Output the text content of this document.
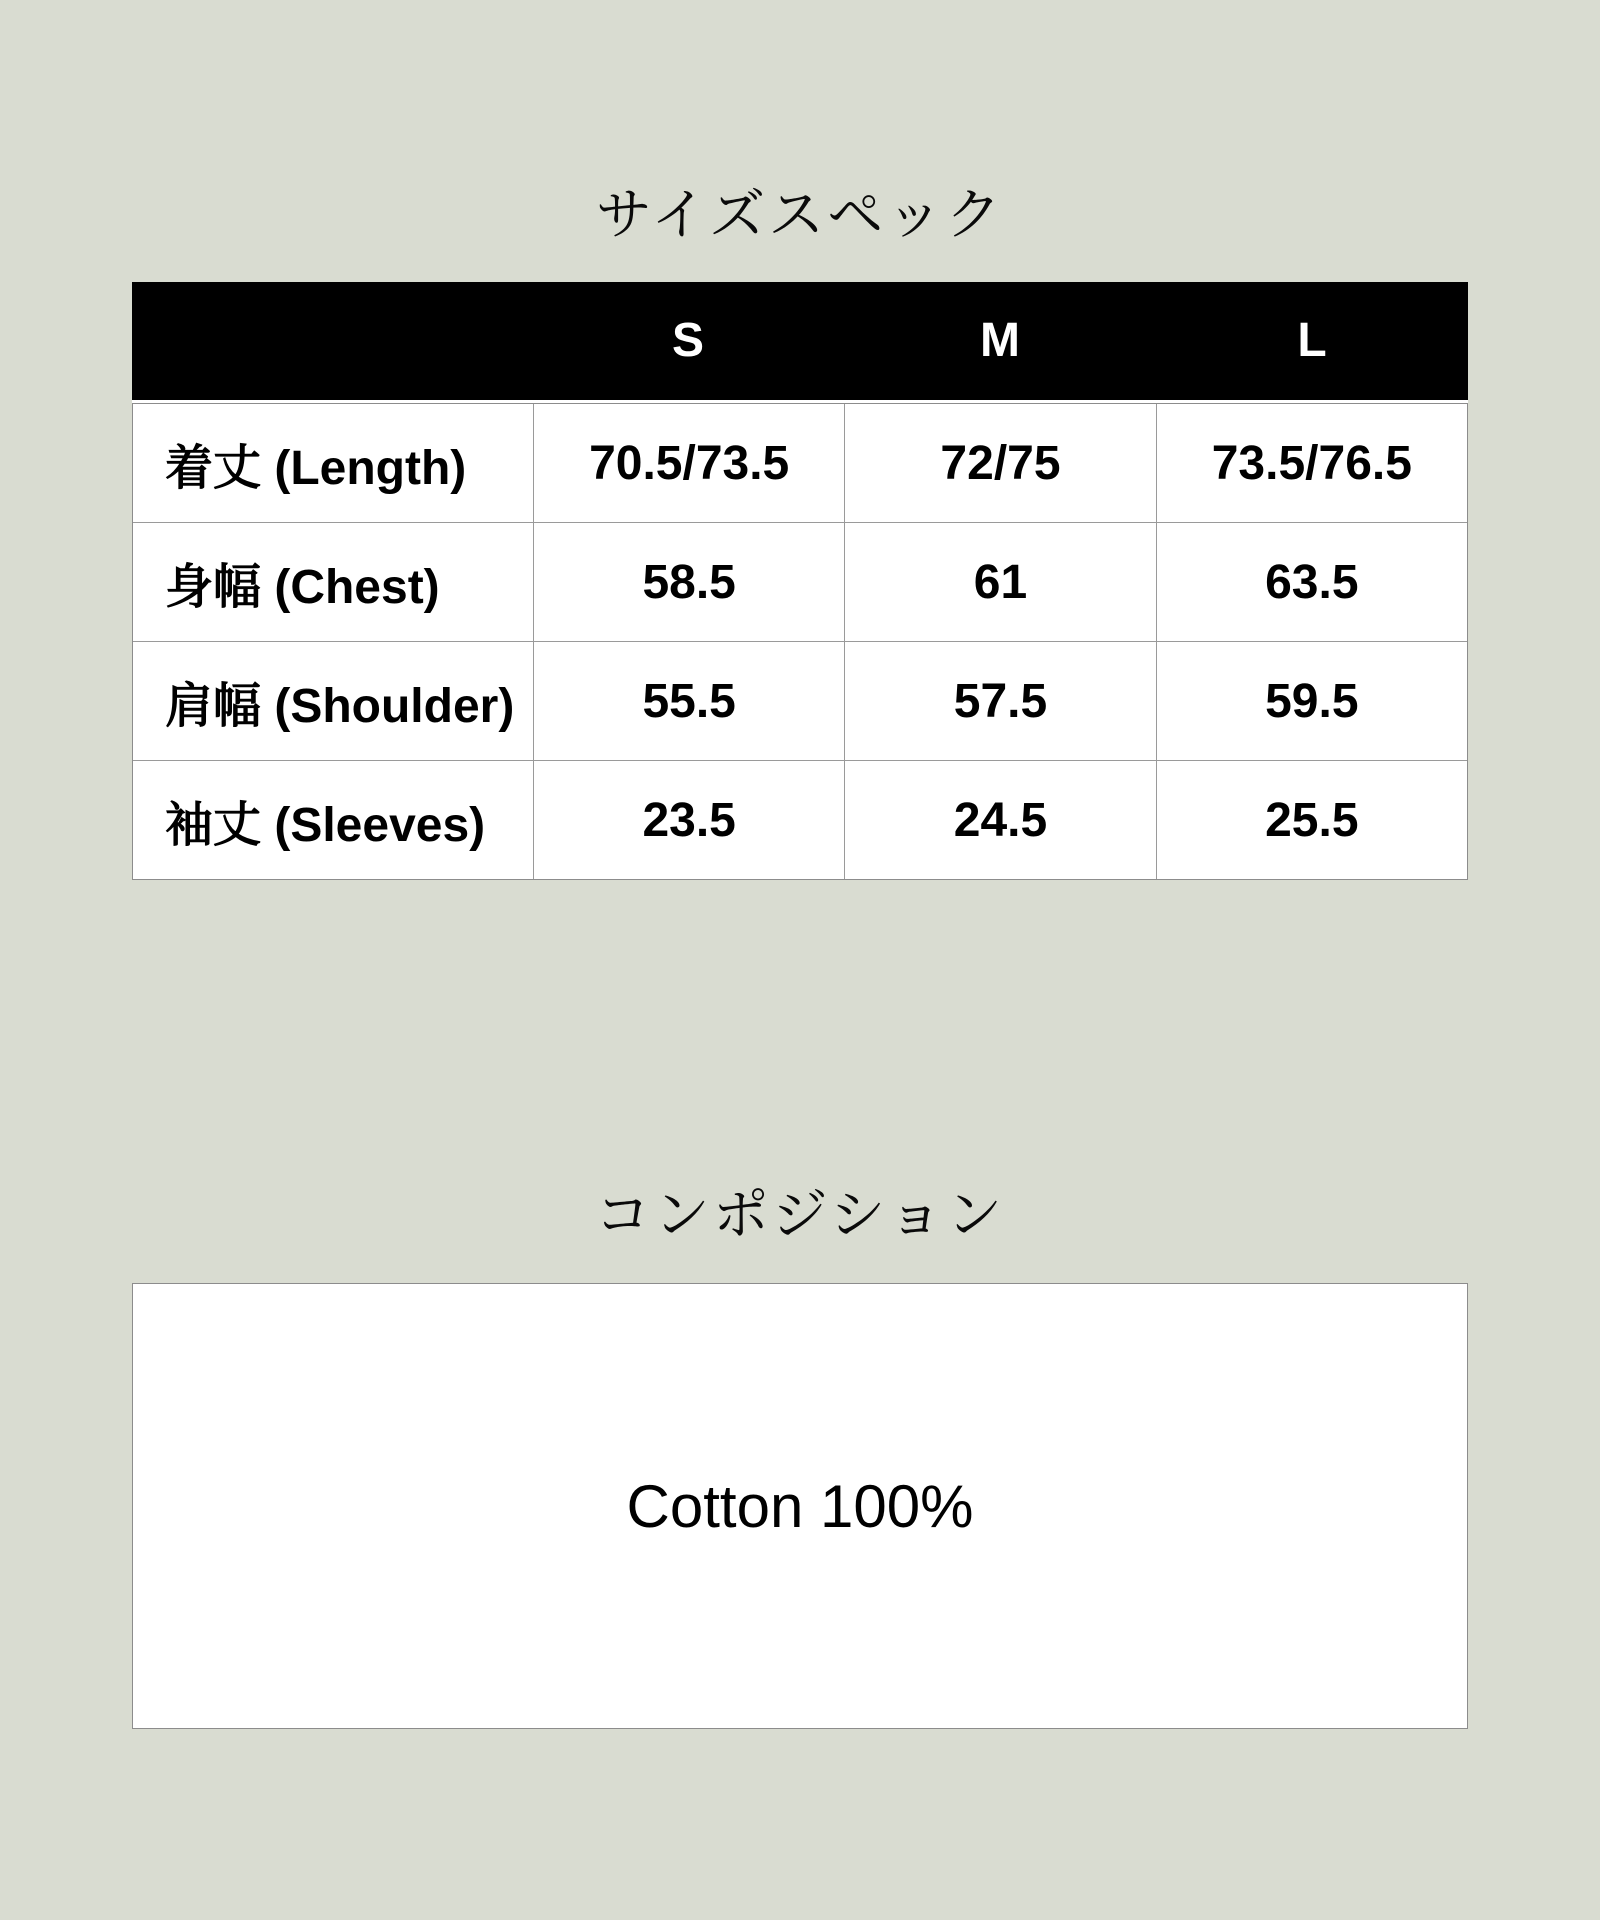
サイズスペック
S	M	L
着丈 (Length)	70.5/73.5	72/75	73.5/76.5
身幅 (Chest)	58.5	61	63.5
肩幅 (Shoulder)	55.5	57.5	59.5
袖丈 (Sleeves)	23.5	24.5	25.5
コンポジション
Cotton 100%
